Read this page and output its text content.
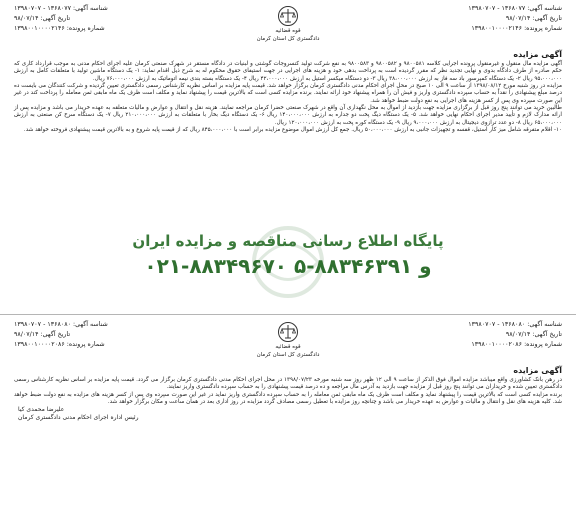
شناسه آگهی: ۱۳۶۸۰۷۷ - ۱۳۹۸۰۷۰۷
تاریخ آگهی: ۹۸/۰۷/۱۴
شماره پرونده: ۱۳۹۸۰۰۱۰۰۰۰۲۱۴۶
قوه قضائیه
دادگستری کل استان کرمان
شناسه آگهی: ۱۳۶۸۰۷۷ - ۱۳۹۸۰۷۰۷
تاریخ آگهی: ۹۸/۰۷/۱۴
شماره پرونده: ۱۳۹۸۰۰۱۰۰۰۰۲۱۴۶
آگهی مزایده

آگهی مزایده مال منقول و غیرمنقول پرونده اجرایی کلاسه ۹۸۰۰۵۸۱ و ۹۸۰۰۵۸۲ و ۹۸۰۰۵۸۳ به نفع شرکت تولید کنسروجات گوشتی و لبنیات در دادگاه مستقر در شهرک صنعتی کرمان علیه اجرای احکام مدنی به موجب قرارداد کاری که حکم صادره از طرف دادگاه بدوی و نهایی تجدید نظر که مقرر گردیده است به پرداخت بدهی خود و هزینه های اجرایی در جهت استیفای حقوق محکوم له به شرح ذیل اقدام نماید: ۱- یک دستگاه ماشین تولید با متعلقات کامل به ارزش ۹۵،۰۰۰،۰۰۰ ریال ۲- یک دستگاه کمپرسور باد سه فاز به ارزش ۳۸،۰۰۰،۰۰۰ ریال ۳- دو دستگاه میکسر استیل به ارزش ۴۲،۰۰۰،۰۰۰ ریال ۴- یک دستگاه بسته بندی نیمه اتوماتیک به ارزش ۷۶،۰۰۰،۰۰۰ ریال.

مزایده در روز شنبه مورخ ۱۳۹۸/۰۸/۱۲ از ساعت ۹ الی ۱۰ صبح در محل اجرای احکام مدنی دادگستری کرمان برگزار خواهد شد. قیمت پایه مزایده بر اساس نظریه کارشناس رسمی دادگستری تعیین گردیده و شرکت کنندگان می بایست ده درصد مبلغ پیشنهادی را نقداً به حساب سپرده دادگستری واریز و فیش آن را همراه پیشنهاد خود ارائه نمایند. برنده مزایده کسی است که بالاترین قیمت را پیشنهاد نماید و مکلف است ظرف یک ماه مابقی ثمن معامله را پرداخت کند در غیر این صورت سپرده وی پس از کسر هزینه های اجرایی به نفع دولت ضبط خواهد شد.

طالبین خرید می توانند پنج روز قبل از برگزاری مزایده جهت بازدید از اموال به محل نگهداری آن واقع در شهرک صنعتی خضرا کرمان مراجعه نمایند. هزینه نقل و انتقال و عوارض و مالیات متعلقه به عهده خریدار می باشد و مزایده پس از ارائه مدارک لازم و تأیید مدیر اجرای احکام نهایی خواهد شد. ۵- یک دستگاه دیگ پخت دو جداره به ارزش ۱۴۰،۰۰۰،۰۰۰ ریال ۶- یک دستگاه دیگ بخار با متعلقات به ارزش ۲۱۰،۰۰۰،۰۰۰ ریال ۷- یک دستگاه سرخ کن صنعتی به ارزش ۶۵،۰۰۰،۰۰۰ ریال ۸- دو عدد ترازوی دیجیتال به ارزش ۹،۰۰۰،۰۰۰ ریال ۹- یک دستگاه کوره پخت به ارزش ۱۲۰،۰۰۰،۰۰۰ ریال.

۱۰- اقلام متفرقه شامل میز کار استیل، قفسه و تجهیزات جانبی به ارزش ۵۰،۰۰۰،۰۰۰ ریال. جمع کل ارزش اموال موضوع مزایده برابر است با ۸۴۵،۰۰۰،۰۰۰ ریال که از قیمت پایه شروع و به بالاترین قیمت پیشنهادی فروخته خواهد شد.

پایگاه اطلاع رسانی مناقصه و مزایده ایران
۰۲۱-۸۸۳۴۹۶۷۰ و ۸۸۳۴۶۳۹۱-۵
شناسه آگهی: ۱۳۶۸۰۸۰ - ۱۳۹۸۰۷۰۷
تاریخ آگهی: ۹۸/۰۷/۱۴
شماره پرونده: ۱۳۹۸۰۰۱۰۰۰۰۲۰۸۶
قوه قضائیه
دادگستری کل استان کرمان
شناسه آگهی: ۱۳۶۸۰۸۰ - ۱۳۹۸۰۷۰۷
تاریخ آگهی: ۹۸/۰۷/۱۴
شماره پرونده: ۱۳۹۸۰۰۱۰۰۰۰۲۰۸۶
آگهی مزایده

در رهن بانک کشاورزی واقع میباشد مزایده اموال فوق الذکر از ساعت ۹ الی ۱۲ ظهر روز سه شنبه مورخه ۱۳۹۸/۰۷/۲۳ در محل اجرای احکام مدنی دادگستری کرمان برگزار می گردد. قیمت پایه مزایده بر اساس نظریه کارشناس رسمی دادگستری تعیین شده و خریداران می توانند پنج روز قبل از مزایده جهت بازدید به آدرس مال مراجعه و ده درصد قیمت پیشنهادی را به حساب سپرده دادگستری واریز نمایند.

برنده مزایده کسی است که بالاترین قیمت را پیشنهاد نماید و مکلف است ظرف یک ماه مابقی ثمن معامله را به حساب سپرده دادگستری واریز نماید در غیر این صورت سپرده وی پس از کسر هزینه های مزایده به نفع دولت ضبط خواهد شد. کلیه هزینه های نقل و انتقال و مالیات و عوارض به عهده خریدار می باشد و چنانچه روز مزایده با تعطیل رسمی مصادف گردد مزایده در روز اداری بعد در همان ساعت و مکان برگزار خواهد شد.

علیرضا محمدی کیا
رئیس اداره اجرای احکام مدنی دادگستری کرمان
